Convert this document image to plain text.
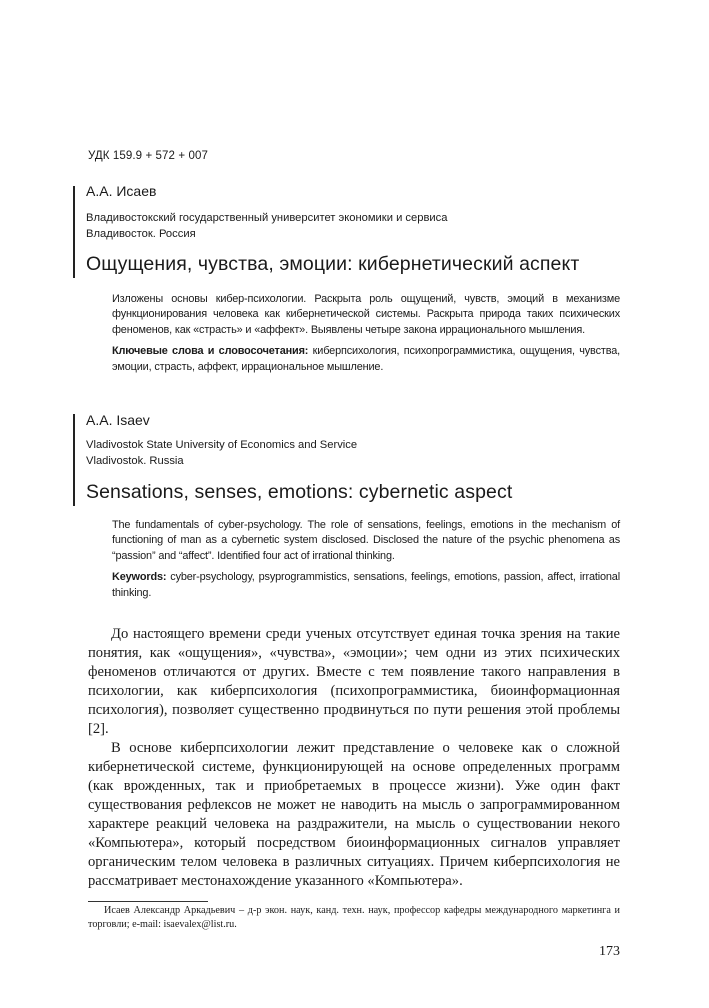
УДК 159.9 + 572 + 007
А.А. Исаев
Владивостокский государственный университет экономики и сервиса
Владивосток. Россия
Ощущения, чувства, эмоции: кибернетический аспект

Изложены основы кибер-психологии. Раскрыта роль ощущений, чувств, эмоций в механизме функционирования человека как кибернетической системы. Раскрыта природа таких психических феноменов, как «страсть» и «аффект». Выявлены четыре закона иррационального мышления.

Ключевые слова и словосочетания: киберпсихология, психопрограммистика, ощущения, чувства, эмоции, страсть, аффект, иррациональное мышление.

A.A. Isaev
Vladivostok State University of Economics and Service
Vladivostok. Russia
Sensations, senses, emotions: cybernetic aspect

The fundamentals of cyber-psychology. The role of sensations, feelings, emotions in the mechanism of functioning of man as a cybernetic system disclosed. Disclosed the nature of the psychic phenomena as “passion” and “affect”. Identified four act of irrational thinking.

Keywords: cyber-psychology, psyprogrammistics, sensations, feelings, emotions, passion, affect, irrational thinking.

До настоящего времени среди ученых отсутствует единая точка зрения на такие понятия, как «ощущения», «чувства», «эмоции»; чем одни из этих психических феноменов отличаются от других. Вместе с тем появление такого направления в психологии, как киберпсихология (психопрограммистика, биоинформационная психология), позволяет существенно продвинуться по пути решения этой проблемы [2].

В основе киберпсихологии лежит представление о человеке как о сложной кибернетической системе, функционирующей на основе определенных программ (как врожденных, так и приобретаемых в процессе жизни). Уже один факт существования рефлексов не может не наводить на мысль о запрограммированном характере реакций человека на раздражители, на мысль о существовании некого «Компьютера», который посредством биоинформационных сигналов управляет органическим телом человека в различных ситуациях. Причем киберпсихология не рассматривает местонахождение указанного «Компьютера».

Исаев Александр Аркадьевич – д-р экон. наук, канд. техн. наук, профессор кафедры международного маркетинга и торговли; e-mail: isaevalex@list.ru.

173
